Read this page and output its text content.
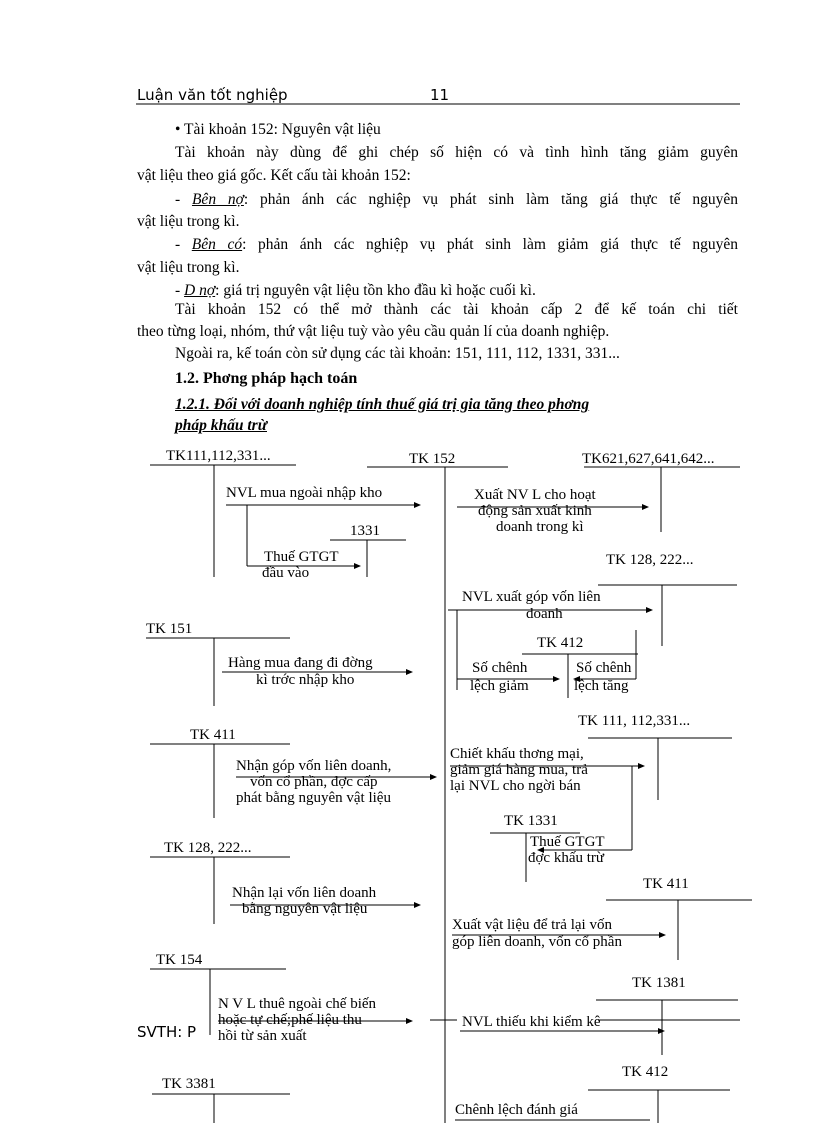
Luận văn tốt nghiệp	11
• Tài khoản 152: Nguyên vật liệu
Tài khoản này dùng để ghi chép số hiện có và tình hình tăng giảm guyên
vật liệu theo giá gốc. Kết cấu tài khoản 152:
- Bên nợ: phản ánh các nghiệp vụ phát sinh làm tăng giá thực tế nguyên
vật liệu trong kì.
- Bên có: phản ánh các nghiệp vụ phát sinh làm giảm giá thực tế nguyên
vật liệu trong kì.
- D nợ: giá trị nguyên vật liệu tồn kho đầu kì hoặc cuối kì.
Tài khoản 152 có thể mở thành các tài khoản cấp 2 để kế toán chi tiết
theo từng loại, nhóm, thứ vật liệu tuỳ vào yêu cầu quản lí của doanh nghiệp.
Ngoài ra, kế toán còn sử dụng các tài khoản: 151, 111, 112, 1331, 331...
1.2. Phơng pháp hạch toán
1.2.1. Đối với doanh nghiệp tính thuế giá trị gia tăng theo phơng
pháp khấu trừ
TK111,112,331...	TK 152	TK621,627,641,642...
NVL mua ngoài nhập kho
1331
Thuế GTGT
đầu vào
Xuất NV L cho hoạt
động sản xuất kinh
doanh trong kì
TK 128, 222...
NVL xuất góp vốn liên
doanh
TK 412
Số chênh
lệch giảm
Số chênh
lệch tăng
TK 151
Hàng mua đang đi đờng
kì trớc nhập kho
TK 111, 112,331...
TK 411
Nhận góp vốn liên doanh,
vốn cổ phần, đợc cấp
phát bằng nguyên vật liệu
Chiết khấu thơng mại,
giảm giá hàng mua, trả
lại NVL cho ngời bán
TK 1331
Thuế GTGT
đợc khấu trừ
TK 128, 222...
TK 411
Nhận lại vốn liên doanh
bằng nguyên vật liệu
Xuất vật liệu để trả lại vốn
góp liên doanh, vốn cổ phần
TK 154
TK 1381
N V L thuê ngoài chế biến
hoặc tự chế;phế liệu thu
hồi từ sản xuất
NVL thiếu khi kiểm kê
TK 412
TK 3381
Chênh lệch đánh giá
SVTH: P
